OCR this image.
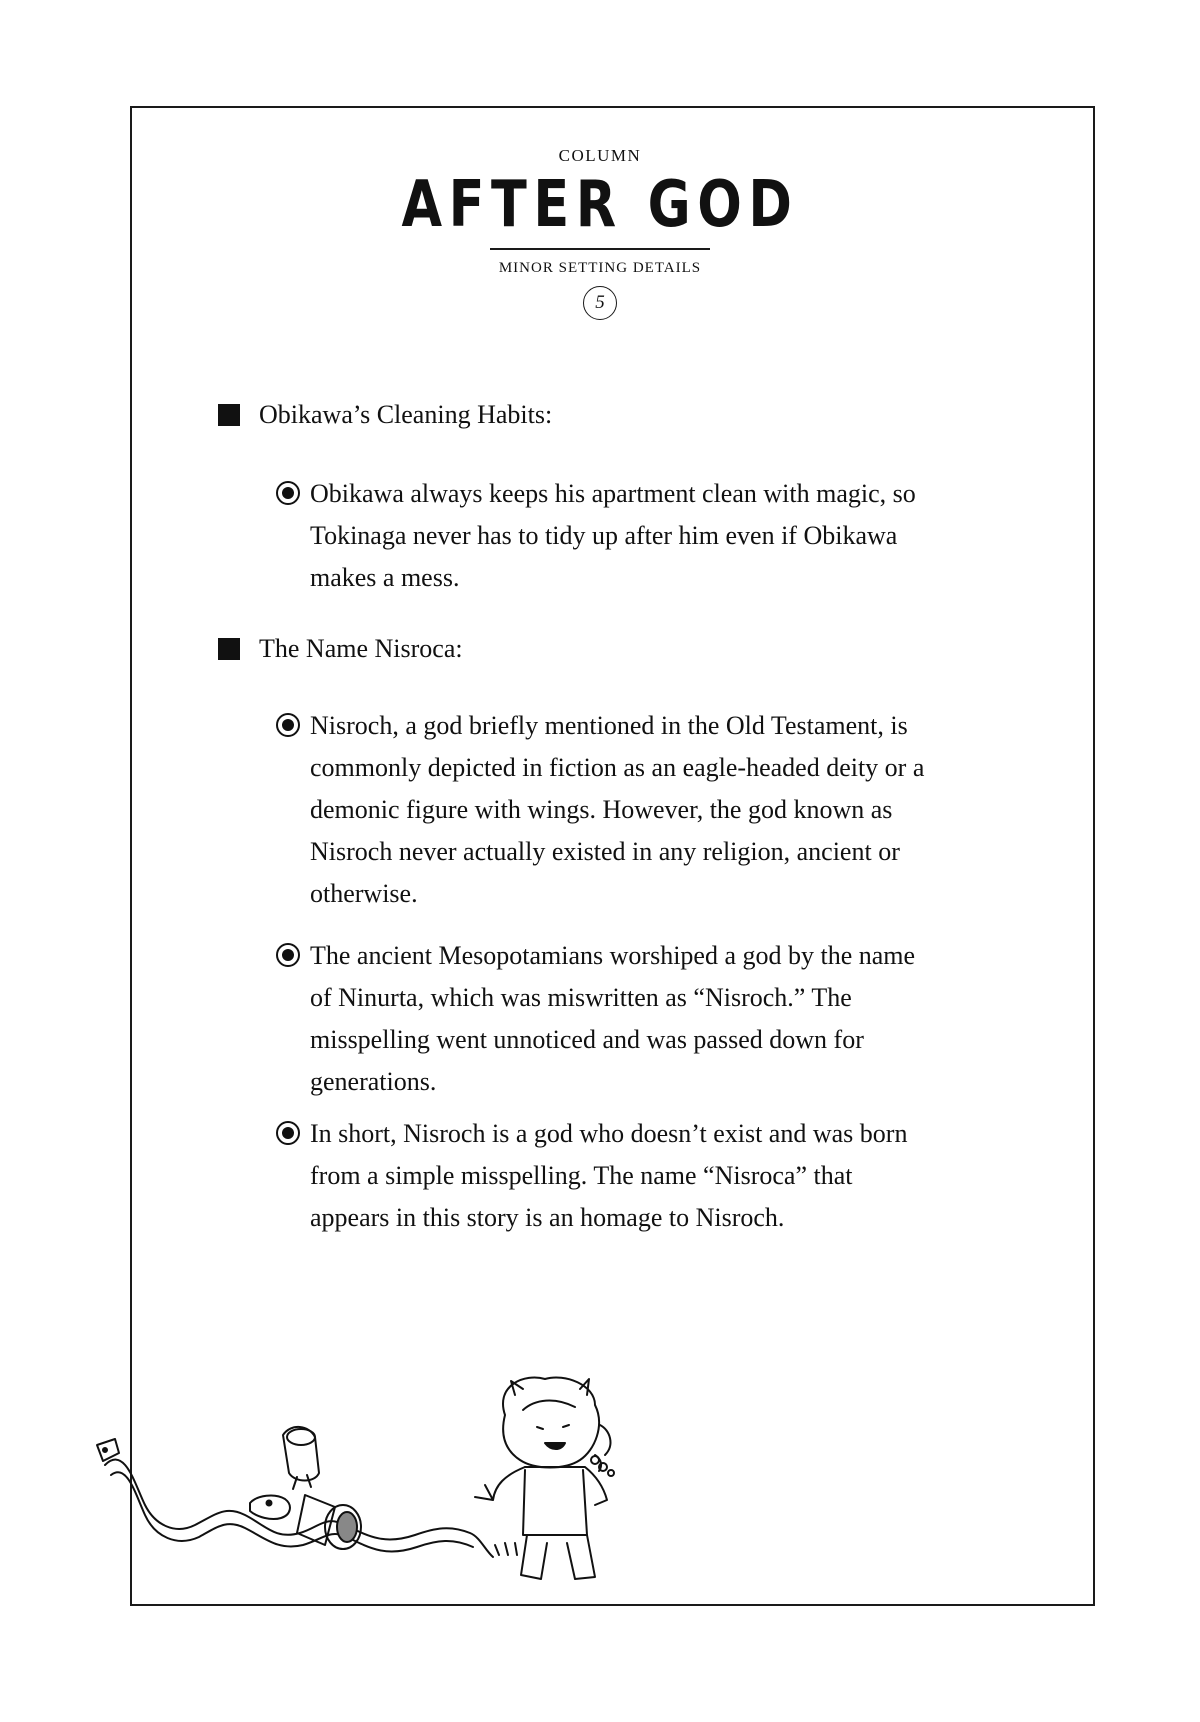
COLUMN
AFTER GOD
MINOR SETTING DETAILS
5
Obikawa’s Cleaning Habits:
Obikawa always keeps his apartment clean with magic, so Tokinaga never has to tidy up after him even if Obikawa makes a mess.
The Name Nisroca:
Nisroch, a god briefly mentioned in the Old Testament, is commonly depicted in fiction as an eagle-headed deity or a demonic figure with wings. However, the god known as Nisroch never actually existed in any religion, ancient or otherwise.
The ancient Mesopotamians worshiped a god by the name of Ninurta, which was miswritten as “Nisroch.” The misspelling went unnoticed and was passed down for generations.
In short, Nisroch is a god who doesn’t exist and was born from a simple misspelling. The name “Nisroca” that appears in this story is an homage to Nisroch.
